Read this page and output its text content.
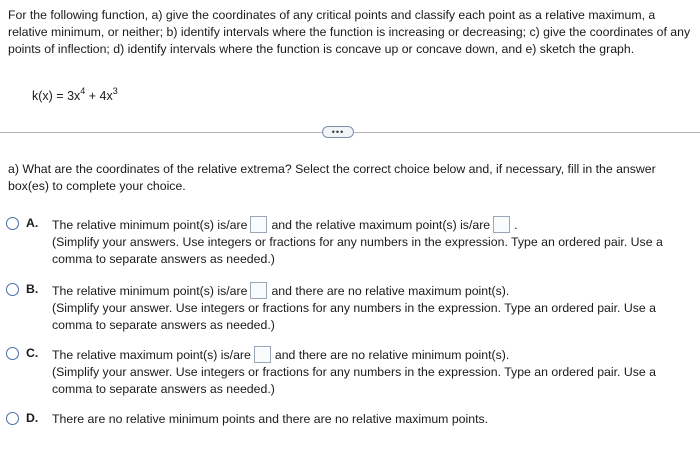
For the following function, a) give the coordinates of any critical points and classify each point as a relative maximum, a relative minimum, or neither; b) identify intervals where the function is increasing or decreasing; c) give the coordinates of any points of inflection; d) identify intervals where the function is concave up or concave down, and e) sketch the graph.
$k(x) = 3x^4 + 4x^3$
•••
a) What are the coordinates of the relative extrema? Select the correct choice below and, if necessary, fill in the answer box(es) to complete your choice.
A. The relative minimum point(s) is/are and the relative maximum point(s) is/are .
(Simplify your answers. Use integers or fractions for any numbers in the expression. Type an ordered pair. Use a comma to separate answers as needed.)
B. The relative minimum point(s) is/are and there are no relative maximum point(s).
(Simplify your answer. Use integers or fractions for any numbers in the expression. Type an ordered pair. Use a comma to separate answers as needed.)
C. The relative maximum point(s) is/are and there are no relative minimum point(s).
(Simplify your answer. Use integers or fractions for any numbers in the expression. Type an ordered pair. Use a comma to separate answers as needed.)
D. There are no relative minimum points and there are no relative maximum points.
